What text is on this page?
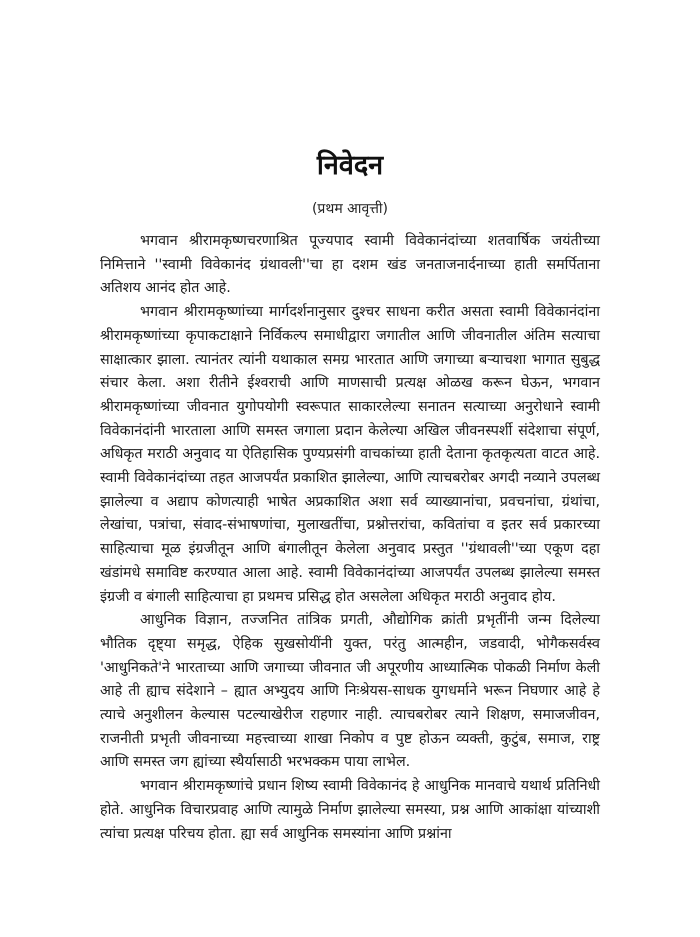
निवेदन
(प्रथम आवृत्ती)

भगवान श्रीरामकृष्णचरणाश्रित पूज्यपाद स्वामी विवेकानंदांच्या शतवार्षिक जयंतीच्या निमित्ताने ''स्वामी विवेकानंद ग्रंथावली''चा हा दशम खंड जनताजनार्दनाच्या हाती समर्पिताना अतिशय आनंद होत आहे.

भगवान श्रीरामकृष्णांच्या मार्गदर्शनानुसार दुश्चर साधना करीत असता स्वामी विवेकानंदांना श्रीरामकृष्णांच्या कृपाकटाक्षाने निर्विकल्प समाधीद्वारा जगातील आणि जीवनातील अंतिम सत्याचा साक्षात्कार झाला. त्यानंतर त्यांनी यथाकाल समग्र भारतात आणि जगाच्या बऱ्याचशा भागात सुबुद्ध संचार केला. अशा रीतीने ईश्वराची आणि माणसाची प्रत्यक्ष ओळख करून घेऊन, भगवान श्रीरामकृष्णांच्या जीवनात युगोपयोगी स्वरूपात साकारलेल्या सनातन सत्याच्या अनुरोधाने स्वामी विवेकानंदांनी भारताला आणि समस्त जगाला प्रदान केलेल्या अखिल जीवनस्पर्शी संदेशाचा संपूर्ण, अधिकृत मराठी अनुवाद या ऐतिहासिक पुण्यप्रसंगी वाचकांच्या हाती देताना कृतकृत्यता वाटत आहे. स्वामी विवेकानंदांच्या तहत आजपर्यंत प्रकाशित झालेल्या, आणि त्याचबरोबर अगदी नव्याने उपलब्ध झालेल्या व अद्याप कोणत्याही भाषेत अप्रकाशित अशा सर्व व्याख्यानांचा, प्रवचनांचा, ग्रंथांचा, लेखांचा, पत्रांचा, संवाद-संभाषणांचा, मुलाखतींचा, प्रश्नोत्तरांचा, कवितांचा व इतर सर्व प्रकारच्या साहित्याचा मूळ इंग्रजीतून आणि बंगालीतून केलेला अनुवाद प्रस्तुत ''ग्रंथावली''च्या एकूण दहा खंडांमधे समाविष्ट करण्यात आला आहे. स्वामी विवेकानंदांच्या आजपर्यंत उपलब्ध झालेल्या समस्त इंग्रजी व बंगाली साहित्याचा हा प्रथमच प्रसिद्ध होत असलेला अधिकृत मराठी अनुवाद होय.

आधुनिक विज्ञान, तज्जनित तांत्रिक प्रगती, औद्योगिक क्रांती प्रभृतींनी जन्म दिलेल्या भौतिक दृष्ट्या समृद्ध, ऐहिक सुखसोयींनी युक्त, परंतु आत्महीन, जडवादी, भोगैकसर्वस्व 'आधुनिकते'ने भारताच्या आणि जगाच्या जीवनात जी अपूरणीय आध्यात्मिक पोकळी निर्माण केली आहे ती ह्याच संदेशाने – ह्यात अभ्युदय आणि निःश्रेयस-साधक युगधर्माने भरून निघणार आहे हे त्याचे अनुशीलन केल्यास पटल्याखेरीज राहणार नाही. त्याचबरोबर त्याने शिक्षण, समाजजीवन, राजनीती प्रभृती जीवनाच्या महत्त्वाच्या शाखा निकोप व पुष्ट होऊन व्यक्ती, कुटुंब, समाज, राष्ट्र आणि समस्त जग ह्यांच्या स्थैर्यासाठी भरभक्कम पाया लाभेल.

भगवान श्रीरामकृष्णांचे प्रधान शिष्य स्वामी विवेकानंद हे आधुनिक मानवाचे यथार्थ प्रतिनिधी होते. आधुनिक विचारप्रवाह आणि त्यामुळे निर्माण झालेल्या समस्या, प्रश्न आणि आकांक्षा यांच्याशी त्यांचा प्रत्यक्ष परिचय होता. ह्या सर्व आधुनिक समस्यांना आणि प्रश्नांना
